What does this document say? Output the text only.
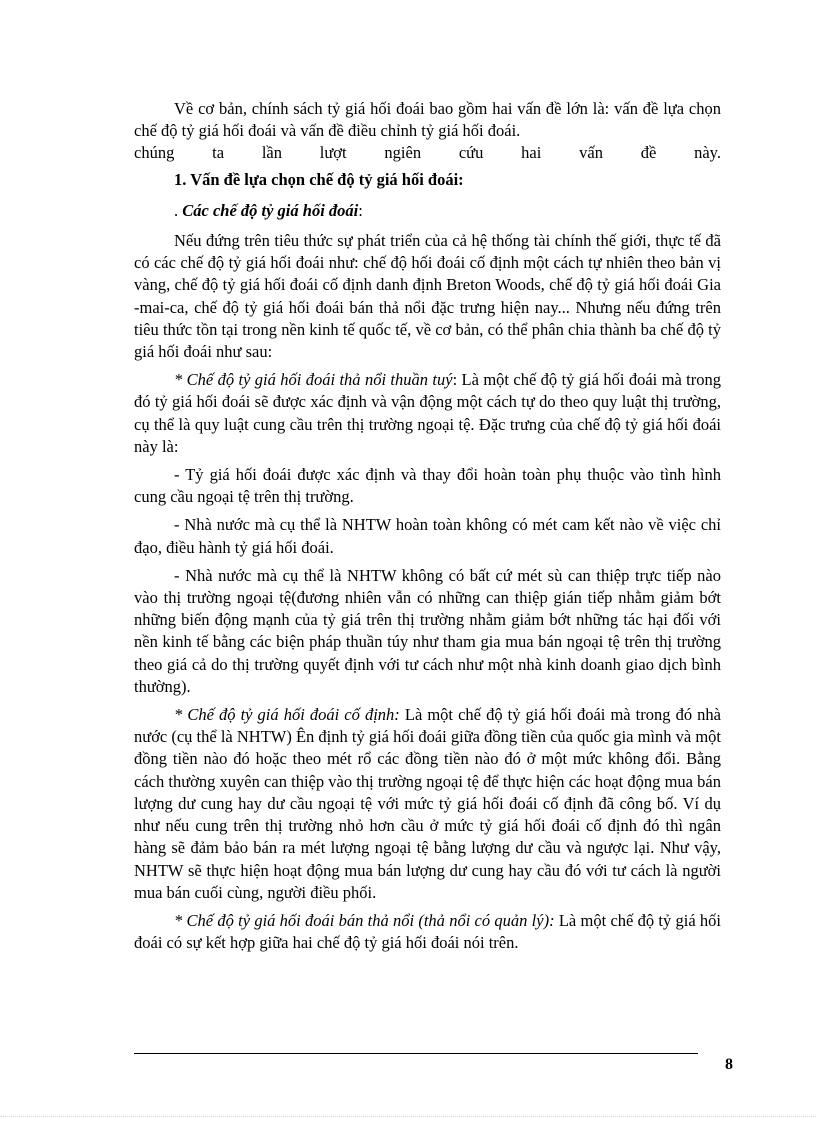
Về cơ bản, chính sách tỷ giá hối đoái bao gồm hai vấn đề lớn là: vấn đề lựa chọn chế độ tỷ giá hối đoái và vấn đề điều chỉnh tỷ giá hối đoái.
chúng ta lần lượt ngiên cứu hai vấn đề này.

1. Vấn đề lựa chọn chế độ tỷ giá hối đoái:

. Các chế độ tỷ giá hối đoái:

Nếu đứng trên tiêu thức sự phát triển của cả hệ thống tài chính thế giới, thực tế đã có các chế độ tỷ giá hối đoái như: chế độ hối đoái cố định một cách tự nhiên theo bản vị vàng, chế độ tỷ giá hối đoái cố định danh định Breton Woods, chế độ tỷ giá hối đoái Gia -mai-ca, chế độ tỷ giá hối đoái bán thả nổi đặc trưng hiện nay... Nhưng nếu đứng trên tiêu thức tồn tại trong nền kinh tế quốc tế, về cơ bản, có thể phân chia thành ba chế độ tỷ giá hối đoái như sau:

* Chế độ tỷ giá hối đoái thả nổi thuần tuý: Là một chế độ tỷ giá hối đoái mà trong đó tỷ giá hối đoái sẽ được xác định và vận động một cách tự do theo quy luật thị trường, cụ thể là quy luật cung cầu trên thị trường ngoại tệ. Đặc trưng của chế độ tỷ giá hối đoái này là:

- Tỷ giá hối đoái được xác định và thay đổi hoàn toàn phụ thuộc vào tình hình cung cầu ngoại tệ trên thị trường.

- Nhà nước mà cụ thể là NHTW hoàn toàn không có mét cam kết nào về việc chỉ đạo, điều hành tỷ giá hối đoái.

- Nhà nước mà cụ thể là NHTW không có bất cứ mét sù can thiệp trực tiếp nào vào thị trường ngoại tệ(đương nhiên vẫn có những can thiệp gián tiếp nhằm giảm bớt những biến động mạnh của tỷ giá trên thị trường nhằm giảm bớt những tác hại đối với nền kinh tế bằng các biện pháp thuần túy như tham gia mua bán ngoại tệ trên thị trường theo giá cả do thị trường quyết định với tư cách như một nhà kinh doanh giao dịch bình thường).

* Chế độ tỷ giá hối đoái cố định: Là một chế độ tỷ giá hối đoái mà trong đó nhà nước (cụ thể là NHTW) Ên định tỷ giá hối đoái giữa đồng tiền của quốc gia mình và một đồng tiền nào đó hoặc theo mét rổ các đồng tiền nào đó ở một mức không đổi. Bằng cách thường xuyên can thiệp vào thị trường ngoại tệ để thực hiện các hoạt động mua bán lượng dư cung hay dư cầu ngoại tệ với mức tỷ giá hối đoái cố định đã công bố. Ví dụ như nếu cung trên thị trường nhỏ hơn cầu ở mức tỷ giá hối đoái cố định đó thì ngân hàng sẽ đảm bảo bán ra mét lượng ngoại tệ bằng lượng dư cầu và ngược lại. Như vậy, NHTW sẽ thực hiện hoạt động mua bán lượng dư cung hay cầu đó với tư cách là người mua bán cuối cùng, người điều phối.

* Chế độ tỷ giá hối đoái bán thả nổi (thả nổi có quản lý): Là một chế độ tỷ giá hối đoái có sự kết hợp giữa hai chế độ tỷ giá hối đoái nói trên.

8
